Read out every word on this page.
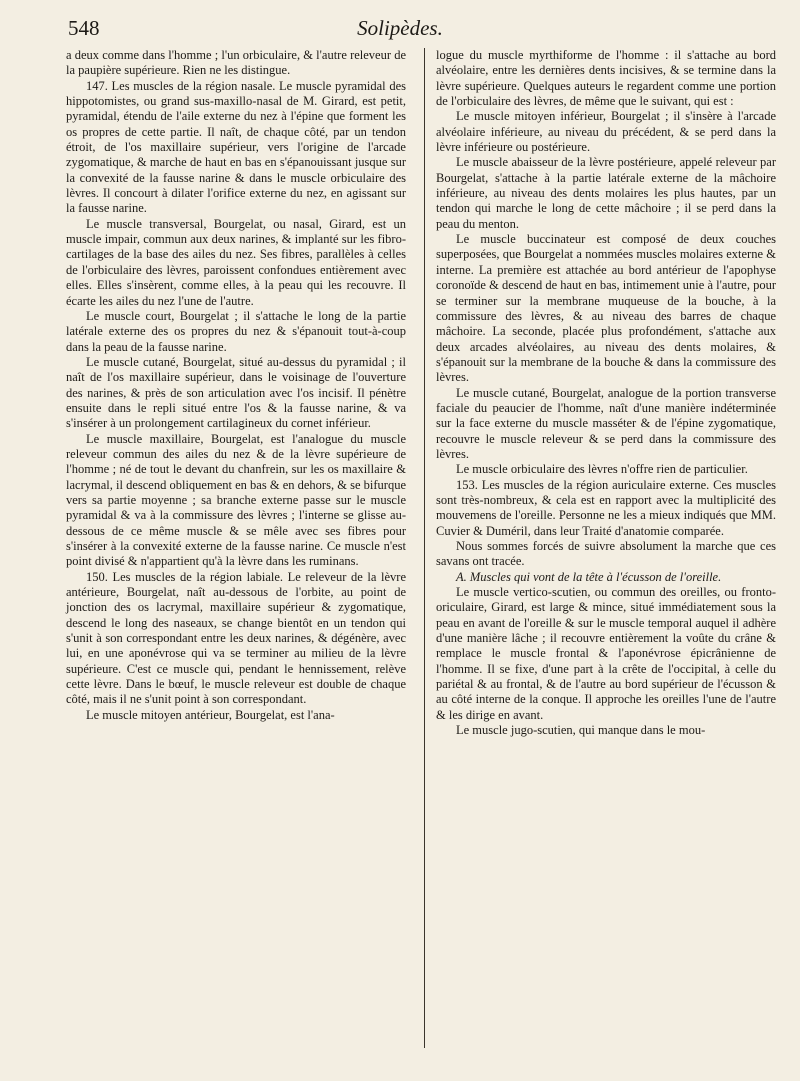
548	Solipèdes.

a deux comme dans l'homme ; l'un orbiculaire, & l'autre releveur de la paupière supérieure. Rien ne les distingue.

147. Les muscles de la région nasale. Le muscle pyramidal des hippotomistes, ou grand sus-maxillo-nasal de M. Girard, est petit, pyramidal, étendu de l'aile externe du nez à l'épine que forment les os propres de cette partie. Il naît, de chaque côté, par un tendon étroit, de l'os maxillaire supérieur, vers l'origine de l'arcade zygomatique, & marche de haut en bas en s'épanouissant jusque sur la convexité de la fausse narine & dans le muscle orbiculaire des lèvres. Il concourt à dilater l'orifice externe du nez, en agissant sur la fausse narine.

Le muscle transversal, Bourgelat, ou nasal, Girard, est un muscle impair, commun aux deux narines, & implanté sur les fibro-cartilages de la base des ailes du nez. Ses fibres, parallèles à celles de l'orbiculaire des lèvres, paroissent confondues entièrement avec elles. Elles s'insèrent, comme elles, à la peau qui les recouvre. Il écarte les ailes du nez l'une de l'autre.

Le muscle court, Bourgelat ; il s'attache le long de la partie latérale externe des os propres du nez & s'épanouit tout-à-coup dans la peau de la fausse narine.

Le muscle cutané, Bourgelat, situé au-dessus du pyramidal ; il naît de l'os maxillaire supérieur, dans le voisinage de l'ouverture des narines, & près de son articulation avec l'os incisif. Il pénètre ensuite dans le repli situé entre l'os & la fausse narine, & va s'insérer à un prolongement cartilagineux du cornet inférieur.

Le muscle maxillaire, Bourgelat, est l'analogue du muscle releveur commun des ailes du nez & de la lèvre supérieure de l'homme ; né de tout le devant du chanfrein, sur les os maxillaire & lacrymal, il descend obliquement en bas & en dehors, & se bifurque vers sa partie moyenne ; sa branche externe passe sur le muscle pyramidal & va à la commissure des lèvres ; l'interne se glisse au-dessous de ce même muscle & se mêle avec ses fibres pour s'insérer à la convexité externe de la fausse narine. Ce muscle n'est point divisé & n'appartient qu'à la lèvre dans les ruminans.

150. Les muscles de la région labiale. Le releveur de la lèvre antérieure, Bourgelat, naît au-dessous de l'orbite, au point de jonction des os lacrymal, maxillaire supérieur & zygomatique, descend le long des naseaux, se change bientôt en un tendon qui s'unit à son correspondant entre les deux narines, & dégénère, avec lui, en une aponévrose qui va se terminer au milieu de la lèvre supérieure. C'est ce muscle qui, pendant le hennissement, relève cette lèvre. Dans le bœuf, le muscle releveur est double de chaque côté, mais il ne s'unit point à son correspondant.

Le muscle mitoyen antérieur, Bourgelat, est l'ana-

logue du muscle myrthiforme de l'homme : il s'attache au bord alvéolaire, entre les dernières dents incisives, & se termine dans la lèvre supérieure. Quelques auteurs le regardent comme une portion de l'orbiculaire des lèvres, de même que le suivant, qui est :

Le muscle mitoyen inférieur, Bourgelat ; il s'insère à l'arcade alvéolaire inférieure, au niveau du précédent, & se perd dans la lèvre inférieure ou postérieure.

Le muscle abaisseur de la lèvre postérieure, appelé releveur par Bourgelat, s'attache à la partie latérale externe de la mâchoire inférieure, au niveau des dents molaires les plus hautes, par un tendon qui marche le long de cette mâchoire ; il se perd dans la peau du menton.

Le muscle buccinateur est composé de deux couches superposées, que Bourgelat a nommées muscles molaires externe & interne. La première est attachée au bord antérieur de l'apophyse coronoïde & descend de haut en bas, intimement unie à l'autre, pour se terminer sur la membrane muqueuse de la bouche, à la commissure des lèvres, & au niveau des barres de chaque mâchoire. La seconde, placée plus profondément, s'attache aux deux arcades alvéolaires, au niveau des dents molaires, & s'épanouit sur la membrane de la bouche & dans la commissure des lèvres.

Le muscle cutané, Bourgelat, analogue de la portion transverse faciale du peaucier de l'homme, naît d'une manière indéterminée sur la face externe du muscle masséter & de l'épine zygomatique, recouvre le muscle releveur & se perd dans la commissure des lèvres.

Le muscle orbiculaire des lèvres n'offre rien de particulier.

153. Les muscles de la région auriculaire externe. Ces muscles sont très-nombreux, & cela est en rapport avec la multiplicité des mouvemens de l'oreille. Personne ne les a mieux indiqués que MM. Cuvier & Duméril, dans leur Traité d'anatomie comparée.

Nous sommes forcés de suivre absolument la marche que ces savans ont tracée.

A. Muscles qui vont de la tête à l'écusson de l'oreille.

Le muscle vertico-scutien, ou commun des oreilles, ou fronto-oriculaire, Girard, est large & mince, situé immédiatement sous la peau en avant de l'oreille & sur le muscle temporal auquel il adhère d'une manière lâche ; il recouvre entièrement la voûte du crâne & remplace le muscle frontal & l'aponévrose épicrânienne de l'homme. Il se fixe, d'une part à la crête de l'occipital, à celle du pariétal & au frontal, & de l'autre au bord supérieur de l'écusson & au côté interne de la conque. Il approche les oreilles l'une de l'autre & les dirige en avant.

Le muscle jugo-scutien, qui manque dans le mou-
